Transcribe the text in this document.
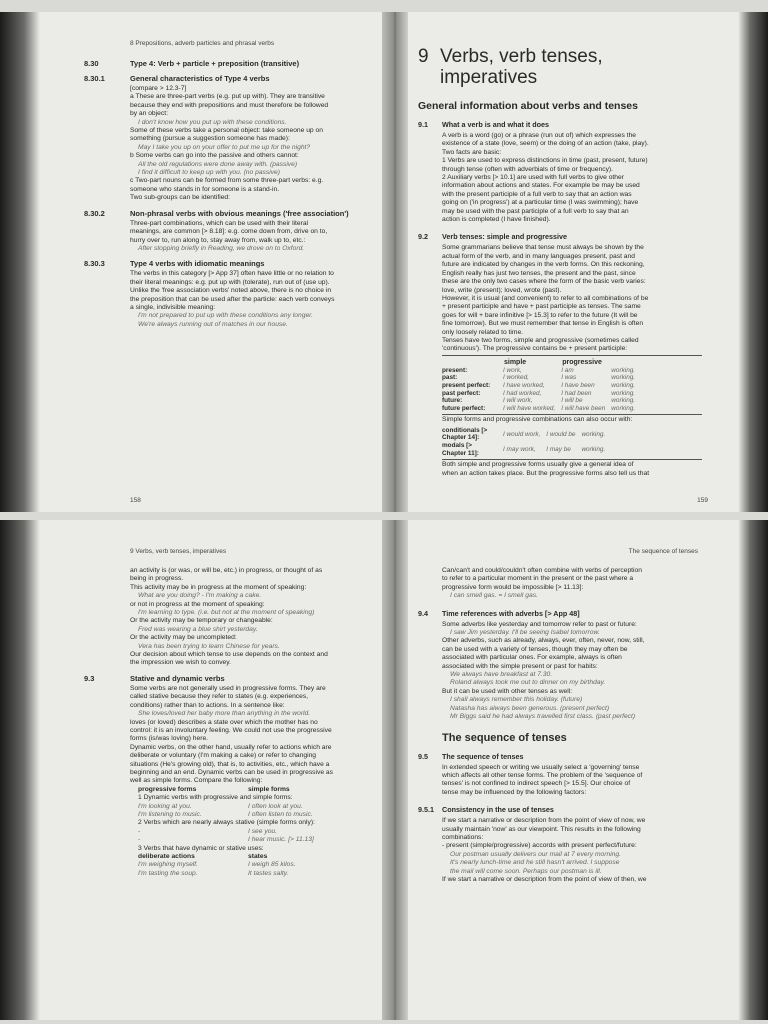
8 Prepositions, adverb particles and phrasal verbs
8.30	Type 4: Verb + particle + preposition (transitive)
8.30.1	General characteristics of Type 4 verbs

[compare > 12.3-7]

a These are three-part verbs (e.g. put up with). They are transitive

because they end with prepositions and must therefore be followed

by an object:

I don't know how you put up with these conditions.

Some of these verbs take a personal object: take someone up on

something (pursue a suggestion someone has made):

May I take you up on your offer to put me up for the night?

b Some verbs can go into the passive and others cannot:

All the old regulations were done away with. (passive)

I find it difficult to keep up with you. (no passive)

c Two-part nouns can be formed from some three-part verbs: e.g.

someone who stands in for someone is a stand-in.

Two sub-groups can be identified:

8.30.2	Non-phrasal verbs with obvious meanings ('free association')

Three-part combinations, which can be used with their literal

meanings, are common [> 8.18]: e.g. come down from, drive on to,

hurry over to, run along to, stay away from, walk up to, etc.:

After stopping briefly in Reading, we drove on to Oxford.

8.30.3	Type 4 verbs with idiomatic meanings

The verbs in this category [> App 37] often have little or no relation to

their literal meanings: e.g. put up with (tolerate), run out of (use up).

Unlike the 'free association verbs' noted above, there is no choice in

the preposition that can be used after the particle: each verb conveys

a single, indivisible meaning:

I'm not prepared to put up with these conditions any longer.

We're always running out of matches in our house.

158
9 Verbs, verb tenses,
imperatives
General information about verbs and tenses
9.1 What a verb is and what it does

A verb is a word (go) or a phrase (run out of) which expresses the

existence of a state (love, seem) or the doing of an action (take, play).

Two facts are basic:

1 Verbs are used to express distinctions in time (past, present, future)

through tense (often with adverbials of time or frequency).

2 Auxiliary verbs [> 10.1] are used with full verbs to give other

information about actions and states. For example be may be used

with the present participle of a full verb to say that an action was

going on ('in progress') at a particular time (I was swimming); have

may be used with the past participle of a full verb to say that an

action is completed (I have finished).

9.2 Verb tenses: simple and progressive

Some grammarians believe that tense must always be shown by the

actual form of the verb, and in many languages present, past and

future are indicated by changes in the verb forms. On this reckoning,

English really has just two tenses, the present and the past, since

these are the only two cases where the form of the basic verb varies:

love, write (present); loved, wrote (past).

However, it is usual (and convenient) to refer to all combinations of be

+ present participle and have + past participle as tenses. The same

goes for will + bare infinitive [> 15.3] to refer to the future (It will be

fine tomorrow). But we must remember that tense in English is often

only loosely related to time.

Tenses have two forms, simple and progressive (sometimes called

'continuous'). The progressive contains be + present participle:

	simple	progressive	
present:	I work,	I am	working.
past:	I worked,	I was	working.
present perfect:	I have worked,	I have been	working.
past perfect:	I had worked,	I had been	working.
future:	I will work,	I will be	working.
future perfect:	I will have worked,	I will have been	working.

Simple forms and progressive combinations can also occur with:

conditionals [> Chapter 14]:	I would work,	I would be	working.
modals [> Chapter 11]:	I may work,	I may be	working.

Both simple and progressive forms usually give a general idea of

when an action takes place. But the progressive forms also tell us that

159
9 Verbs, verb tenses, imperatives

an activity is (or was, or will be, etc.) in progress, or thought of as

being in progress.

This activity may be in progress at the moment of speaking:

What are you doing? - I'm making a cake.

or not in progress at the moment of speaking:

I'm learning to type. (i.e. but not at the moment of speaking)

Or the activity may be temporary or changeable:

Fred was wearing a blue shirt yesterday.

Or the activity may be uncompleted:

Vera has been trying to learn Chinese for years.

Our decision about which tense to use depends on the context and

the impression we wish to convey.

9.3	Stative and dynamic verbs

Some verbs are not generally used in progressive forms. They are

called stative because they refer to states (e.g. experiences,

conditions) rather than to actions. In a sentence like:

She loves/loved her baby more than anything in the world.

loves (or loved) describes a state over which the mother has no

control: it is an involuntary feeling. We could not use the progressive

forms (is/was loving) here.

Dynamic verbs, on the other hand, usually refer to actions which are

deliberate or voluntary (I'm making a cake) or refer to changing

situations (He's growing old), that is, to activities, etc., which have a

beginning and an end. Dynamic verbs can be used in progressive as

well as simple forms. Compare the following:

progressive forms	simple forms
1 Dynamic verbs with progressive and simple forms:
I'm looking at you.	I often look at you.
I'm listening to music.	I often listen to music.
2 Verbs which are nearly always stative (simple forms only):
-	I see you.
-	I hear music. [> 11.13]
3 Verbs that have dynamic or stative uses:
deliberate actions	states
I'm weighing myself.	I weigh 85 kilos.
I'm tasting the soup.	It tastes salty.
The sequence of tenses

Can/can't and could/couldn't often combine with verbs of perception

to refer to a particular moment in the present or the past where a

progressive form would be impossible [> 11.13]:

I can smell gas. = I smell gas.

9.4 Time references with adverbs [> App 48]

Some adverbs like yesterday and tomorrow refer to past or future:

I saw Jim yesterday. I'll be seeing Isabel tomorrow.

Other adverbs, such as already, always, ever, often, never, now, still,

can be used with a variety of tenses, though they may often be

associated with particular ones. For example, always is often

associated with the simple present or past for habits:

We always have breakfast at 7.30.

Roland always took me out to dinner on my birthday.

But it can be used with other tenses as well:

I shall always remember this holiday. (future)

Natasha has always been generous. (present perfect)

Mr Biggs said he had always travelled first class. (past perfect)

The sequence of tenses
9.5 The sequence of tenses

In extended speech or writing we usually select a 'governing' tense

which affects all other tense forms. The problem of the 'sequence of

tenses' is not confined to indirect speech [> 15.5]. Our choice of

tense may be influenced by the following factors:

9.5.1 Consistency in the use of tenses

If we start a narrative or description from the point of view of now, we

usually maintain 'now' as our viewpoint. This results in the following

combinations:

- present (simple/progressive) accords with present perfect/future:

Our postman usually delivers our mail at 7 every morning.

It's nearly lunch-time and he still hasn't arrived. I suppose

the mail will come soon. Perhaps our postman is ill.

If we start a narrative or description from the point of view of then, we
